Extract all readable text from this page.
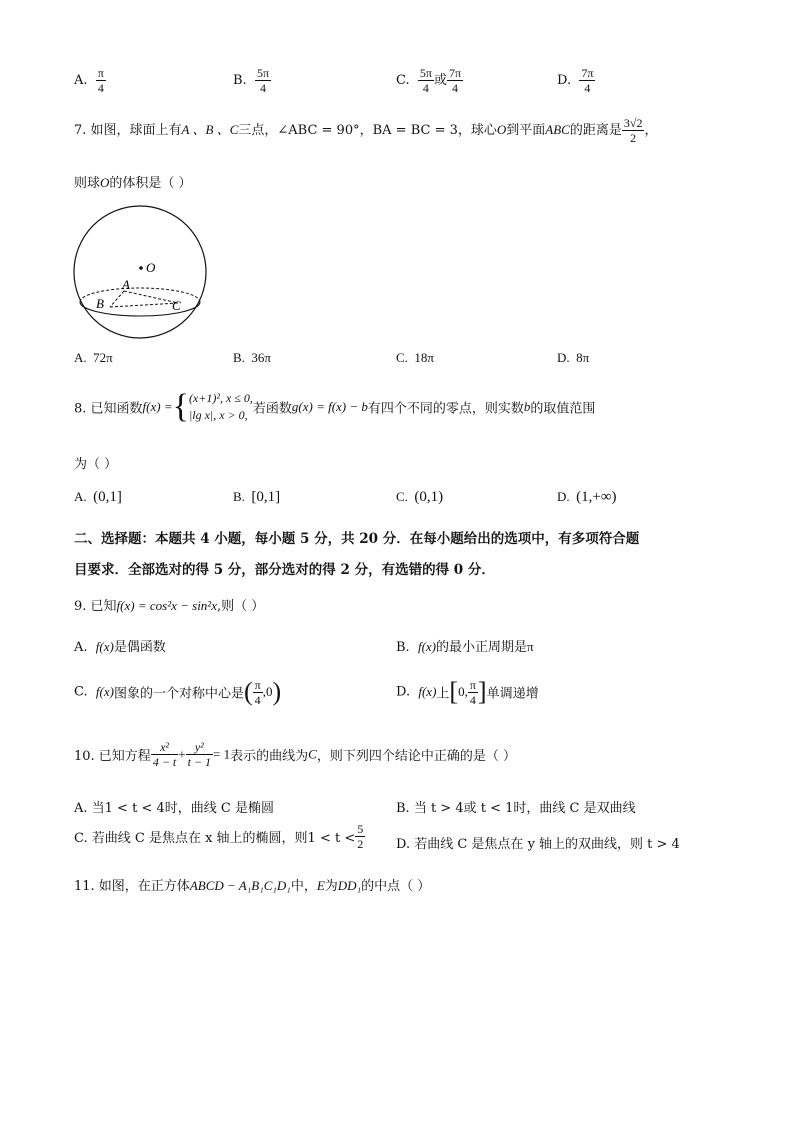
A. $\frac{\pi}{4}$	B. $\frac{5\pi}{4}$	C. $\frac{5\pi}{4}$ 或 $\frac{7\pi}{4}$	D. $\frac{7\pi}{4}$
7. 如图，球面上有A 、B 、C三点，∠ABC = 90°，BA = BC = 3，球心O到平面ABC的距离是 $\frac{3√2}{2}$ ，
则球O的体积是（ ）
O
A
B	C
A. 72π	B. 36π	C. 18π	D. 8π
8. 已知函数f(x) ={ (x+1)², x ≤ 0,
|lg x|, x > 0, 若函数g(x) = f(x) − b有四个不同的零点，则实数b的取值范围
为（ ）
A. (0,1]	B. [0,1]	C. (0,1)	D. (1,+∞)
二、选择题：本题共 4 小题，每小题 5 分，共 20 分．在每小题给出的选项中，有多项符合题
目要求．全部选对的得 5 分，部分选对的得 2 分，有选错的得 0 分．
9. 已知f(x) = cos²x − sin²x,则（ ）
A. f(x)是偶函数	B. f(x)的最小正周期是π
C. f(x)图象的一个对称中心是( $\frac{\pi}{4} ,0$)	D. f(x)上[0, $\frac{\pi}{4}$ ]单调递增
10. 已知方程 $\frac{\text{x²}}{4 - t} + \frac{\text{y²}}{t - 1} = 1$表示的曲线为C，则下列四个结论中正确的是（ ）
A. 当1 < t < 4时，曲线 C 是椭圆	B. 当 t > 4或 t < 1时，曲线 C 是双曲线
C. 若曲线 C 是焦点在 x 轴上的椭圆，则$1 < t < \frac{5}{2} D$. 若曲线 C 是焦点在 y 轴上的双曲线，则 t > 4
11. 如图，在正方体ABCD − A₁B₁C₁D₁中，E为DD₁的中点（ ）
